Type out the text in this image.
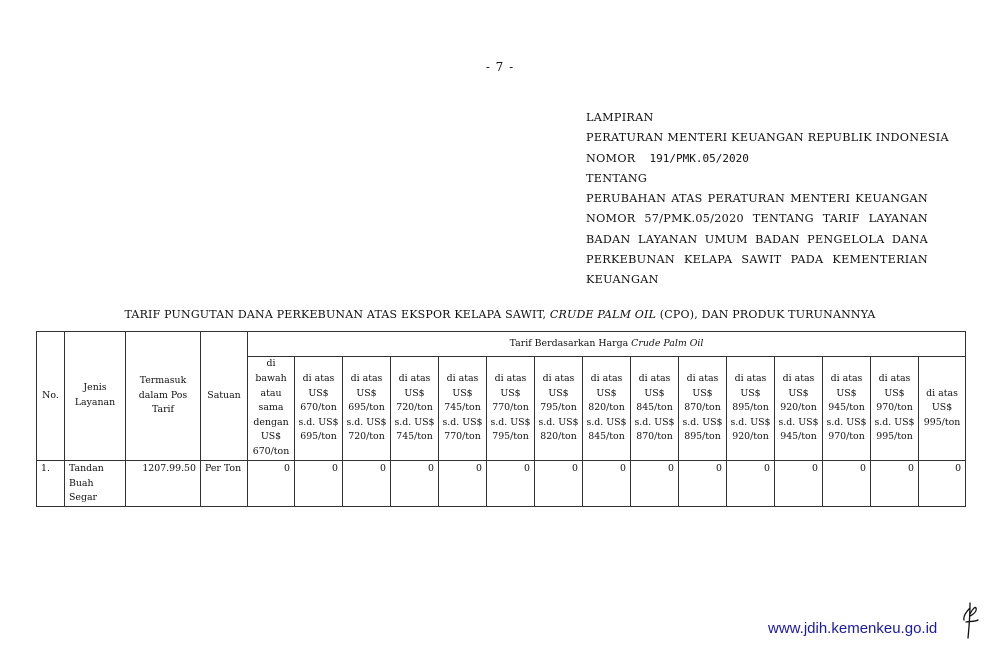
- 7 -
LAMPIRAN
PERATURAN MENTERI KEUANGAN REPUBLIK INDONESIA
NOMOR 191/PMK.05/2020
TENTANG
PERUBAHAN ATAS PERATURAN MENTERI KEUANGAN
NOMOR 57/PMK.05/2020 TENTANG TARIF LAYANAN
BADAN LAYANAN UMUM BADAN PENGELOLA DANA
PERKEBUNAN KELAPA SAWIT PADA KEMENTERIAN
KEUANGAN
TARIF PUNGUTAN DANA PERKEBUNAN ATAS EKSPOR KELAPA SAWIT, CRUDE PALM OIL (CPO), DAN PRODUK TURUNANNYA
No.	Jenis Layanan	Termasuk dalam Pos Tarif	Satuan	Tarif Berdasarkan Harga Crude Palm Oil														
				di bawah atau sama dengan US$ 670/ton	di atas US$ 670/ton s.d. US$ 695/ton	di atas US$ 695/ton s.d. US$ 720/ton	di atas US$ 720/ton s.d. US$ 745/ton	di atas US$ 745/ton s.d. US$ 770/ton	di atas US$ 770/ton s.d. US$ 795/ton	di atas US$ 795/ton s.d. US$ 820/ton	di atas US$ 820/ton s.d. US$ 845/ton	di atas US$ 845/ton s.d. US$ 870/ton	di atas US$ 870/ton s.d. US$ 895/ton	di atas US$ 895/ton s.d. US$ 920/ton	di atas US$ 920/ton s.d. US$ 945/ton	di atas US$ 945/ton s.d. US$ 970/ton	di atas US$ 970/ton s.d. US$ 995/ton	di atas US$ 995/ton
1.	Tandan Buah Segar	1207.99.50	Per Ton	0	0	0	0	0	0	0	0	0	0	0	0	0	0	0
www.jdih.kemenkeu.go.id
